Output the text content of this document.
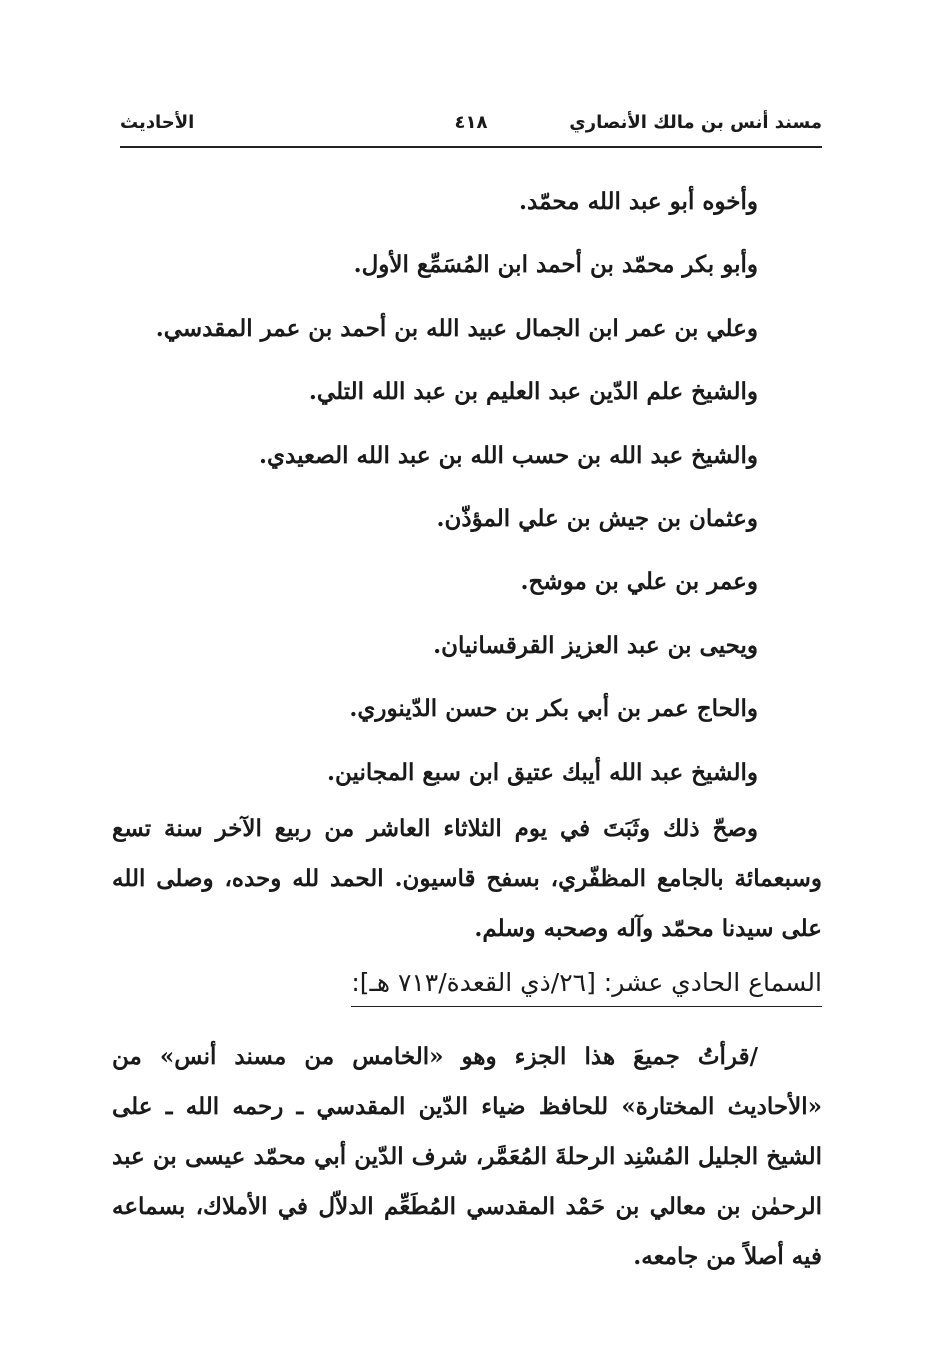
مسند أنس بن مالك الأنصاري
٤١٨
الأحاديث
وأخوه أبو عبد الله محمّد.
وأبو بكر محمّد بن أحمد ابن المُسَمِّع الأول.
وعلي بن عمر ابن الجمال عبيد الله بن أحمد بن عمر المقدسي.
والشيخ علم الدّين عبد العليم بن عبد الله التلي.
والشيخ عبد الله بن حسب الله بن عبد الله الصعيدي.
وعثمان بن جيش بن علي المؤذّن.
وعمر بن علي بن موشح.
ويحيى بن عبد العزيز القرقسانيان.
والحاج عمر بن أبي بكر بن حسن الدّينوري.
والشيخ عبد الله أيبك عتيق ابن سبع المجانين.
وصحّ ذلك وثَبَتَ في يوم الثلاثاء العاشر من ربيع الآخر سنة تسع وسبعمائة بالجامع المظفّري، بسفح قاسيون. الحمد لله وحده، وصلى الله على سيدنا محمّد وآله وصحبه وسلم.
السماع الحادي عشر: [٢٦/ذي القعدة/٧١٣ هـ]:
/قرأتُ جميعَ هذا الجزء وهو «الخامس من مسند أنس» من «الأحاديث المختارة» للحافظ ضياء الدّين المقدسي ـ رحمه الله ـ على الشيخ الجليل المُسْنِد الرحلةَ المُعَمَّر، شرف الدّين أبي محمّد عيسى بن عبد الرحمٰن بن معالي بن حَمْد المقدسي المُطَعِّم الدلاّل في الأملاك، بسماعه فيه أصلاً من جامعه.
